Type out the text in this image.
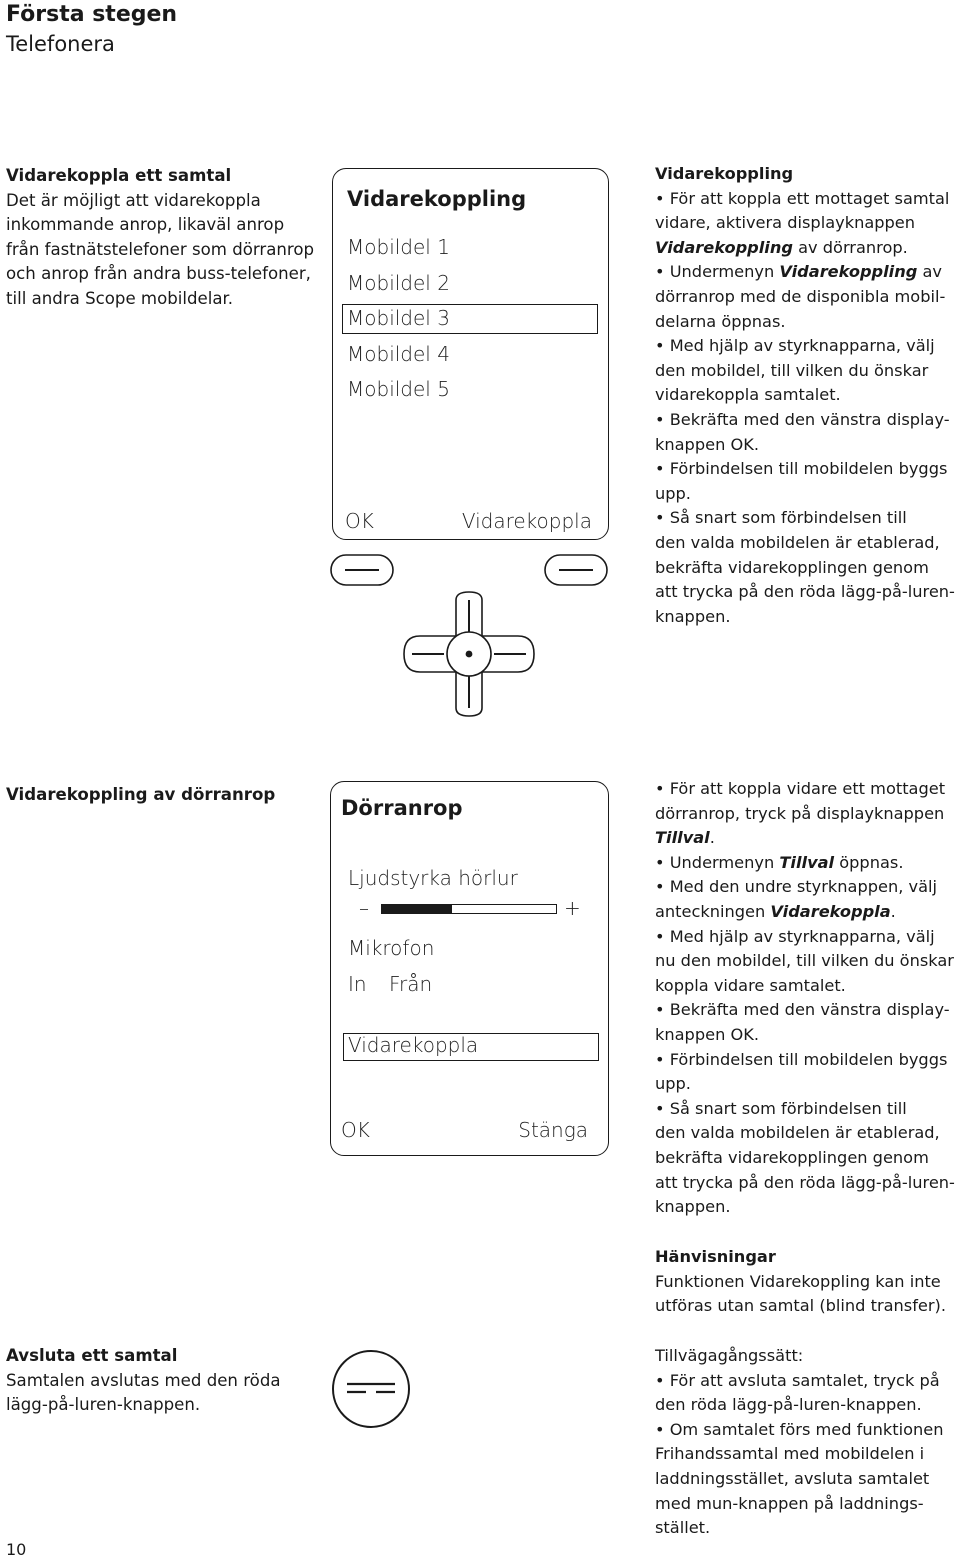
Första stegen
Telefonera
Vidarekoppla ett samtal
Det är möjligt att vidarekoppla
inkommande anrop, likaväl anrop
från fastnätstelefoner som dörranrop
och anrop från andra buss-telefoner,
till andra Scope mobildelar.
Vidarekoppling
Mobildel 1
Mobildel 2
Mobildel 3
Mobildel 4
Mobildel 5
OK	Vidarekoppla
Vidarekoppling
• För att koppla ett mottaget samtal
vidare, aktivera displayknappen
Vidarekoppling av dörranrop.
• Undermenyn Vidarekoppling av
dörranrop med de disponibla mobil-
delarna öppnas.
• Med hjälp av styrknapparna, välj
den mobildel, till vilken du önskar
vidarekoppla samtalet.
• Bekräfta med den vänstra display-
knappen OK.
• Förbindelsen till mobildelen byggs
upp.
• Så snart som förbindelsen till
den valda mobildelen är etablerad,
bekräfta vidarekopplingen genom
att trycka på den röda lägg-på-luren-
knappen.
Vidarekoppling av dörranrop
Dörranrop
Ljudstyrka hörlur
–	+
Mikrofon
In Från
Vidarekoppla
OK	Stänga
• För att koppla vidare ett mottaget
dörranrop, tryck på displayknappen
Tillval.
• Undermenyn Tillval öppnas.
• Med den undre styrknappen, välj
anteckningen Vidarekoppla.
• Med hjälp av styrknapparna, välj
nu den mobildel, till vilken du önskar
koppla vidare samtalet.
• Bekräfta med den vänstra display-
knappen OK.
• Förbindelsen till mobildelen byggs
upp.
• Så snart som förbindelsen till
den valda mobildelen är etablerad,
bekräfta vidarekopplingen genom
att trycka på den röda lägg-på-luren-
knappen.
Hänvisningar
Funktionen Vidarekoppling kan inte
utföras utan samtal (blind transfer).
Avsluta ett samtal
Samtalen avslutas med den röda
lägg-på-luren-knappen.
Tillvägagångssätt:
• För att avsluta samtalet, tryck på
den röda lägg-på-luren-knappen.
• Om samtalet förs med funktionen
Frihandssamtal med mobildelen i
laddningsstället, avsluta samtalet
med mun-knappen på laddnings-
stället.
10
